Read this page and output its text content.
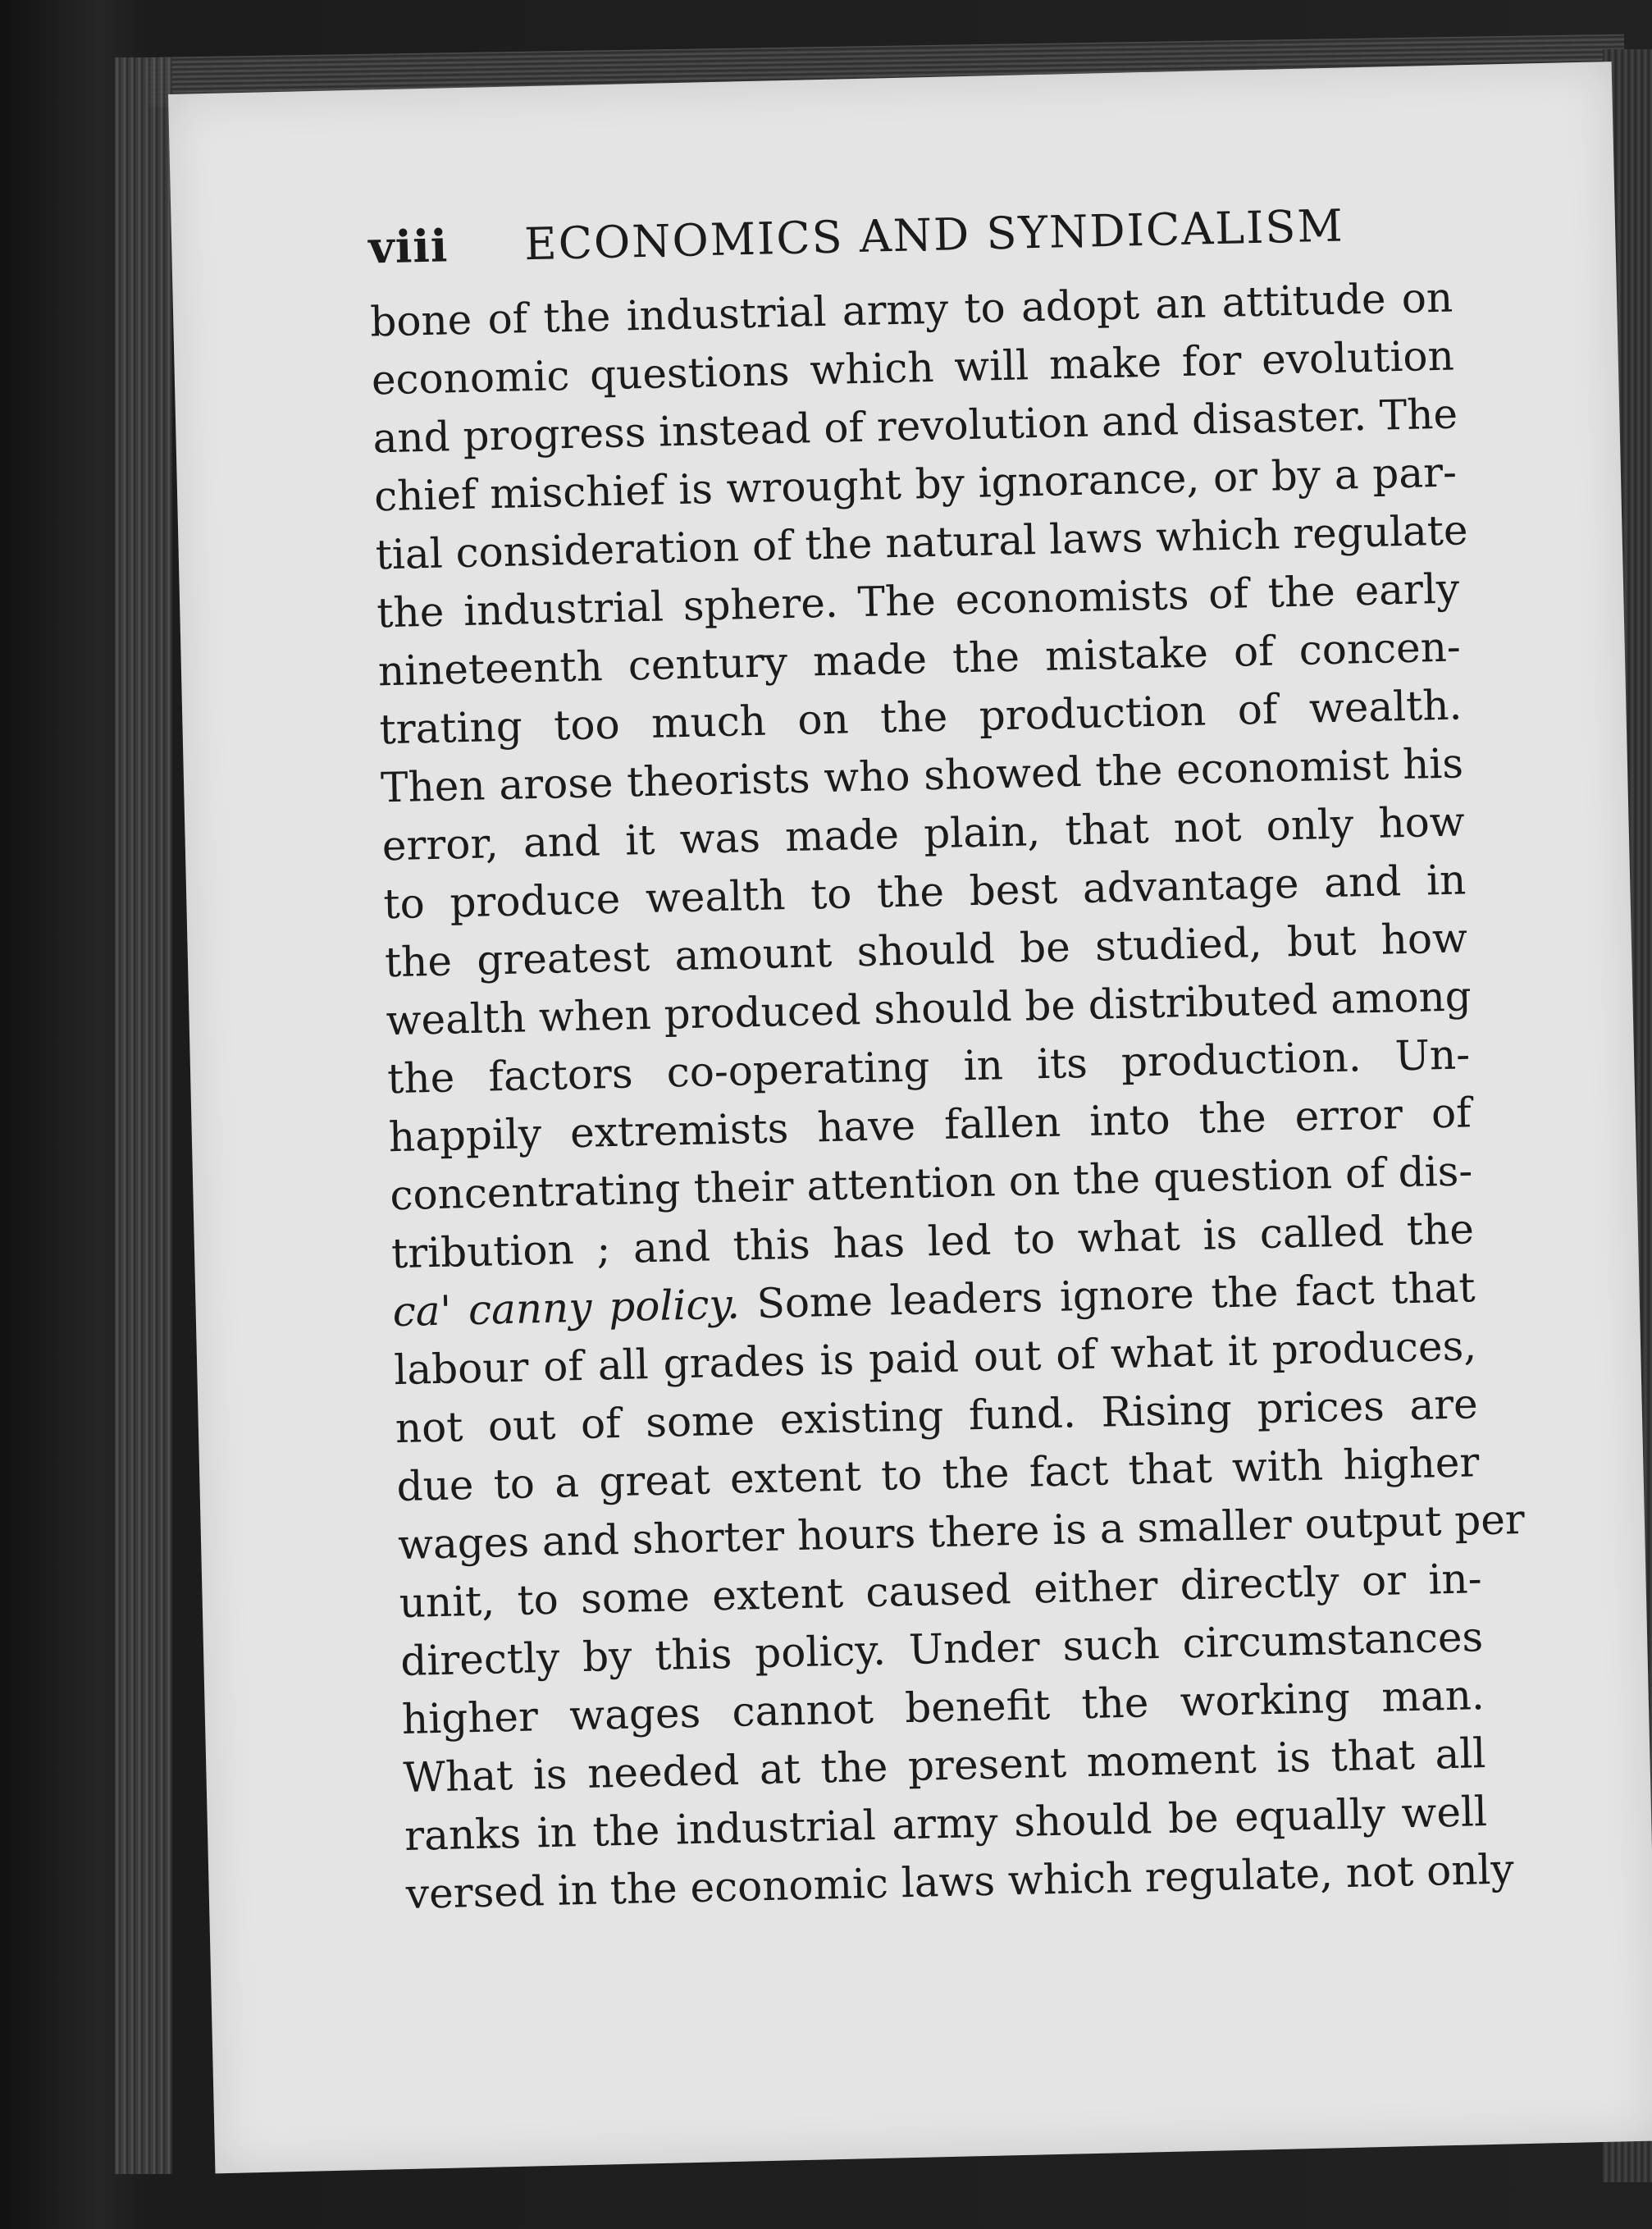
viii	ECONOMICS AND SYNDICALISM
bone of the industrial army to adopt an attitude on
economic questions which will make for evolution
and progress instead of revolution and disaster. The
chief mischief is wrought by ignorance, or by a par-
tial consideration of the natural laws which regulate
the industrial sphere. The economists of the early
nineteenth century made the mistake of concen-
trating too much on the production of wealth.
Then arose theorists who showed the economist his
error, and it was made plain, that not only how
to produce wealth to the best advantage and in
the greatest amount should be studied, but how
wealth when produced should be distributed among
the factors co-operating in its production. Un-
happily extremists have fallen into the error of
concentrating their attention on the question of dis-
tribution ; and this has led to what is called the
ca' canny policy. Some leaders ignore the fact that
labour of all grades is paid out of what it produces,
not out of some existing fund. Rising prices are
due to a great extent to the fact that with higher
wages and shorter hours there is a smaller output per
unit, to some extent caused either directly or in-
directly by this policy. Under such circumstances
higher wages cannot benefit the working man.
What is needed at the present moment is that all
ranks in the industrial army should be equally well
versed in the economic laws which regulate, not only
